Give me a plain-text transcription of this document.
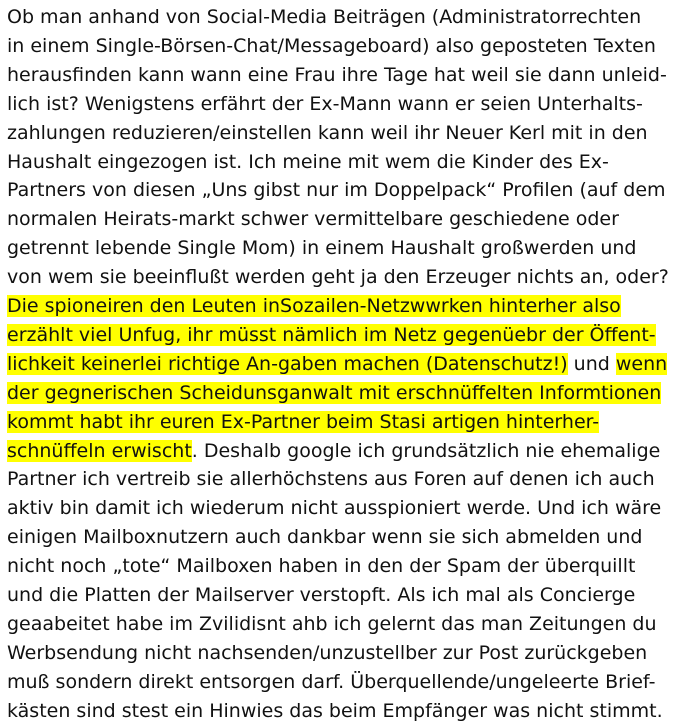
Ob man anhand von Social-Media Beiträgen (Administratorrechten
in einem Single-Börsen-Chat/Messageboard) also geposteten Texten
herausfinden kann wann eine Frau ihre Tage hat weil sie dann unleid-
lich ist? Wenigstens erfährt der Ex-Mann wann er seien Unterhalts-
zahlungen reduzieren/einstellen kann weil ihr Neuer Kerl mit in den
Haushalt eingezogen ist. Ich meine mit wem die Kinder des Ex-
Partners von diesen „Uns gibst nur im Doppelpack“ Profilen (auf dem
normalen Heirats-markt schwer vermittelbare geschiedene oder
getrennt lebende Single Mom) in einem Haushalt großwerden und
von wem sie beeinflußt werden geht ja den Erzeuger nichts an, oder?
Die spioneiren den Leuten inSozailen-Netzwwrken hinterher also
erzählt viel Unfug, ihr müsst nämlich im Netz gegenüebr der Öffent-
lichkeit keinerlei richtige An-gaben machen (Datenschutz!) und wenn
der gegnerischen Scheidunsganwalt mit erschnüffelten Informtionen
kommt habt ihr euren Ex-Partner beim Stasi artigen hinterher-
schnüffeln erwischt. Deshalb google ich grundsätzlich nie ehemalige
Partner ich vertreib sie allerhöchstens aus Foren auf denen ich auch
aktiv bin damit ich wiederum nicht ausspioniert werde. Und ich wäre
einigen Mailboxnutzern auch dankbar wenn sie sich abmelden und
nicht noch „tote“ Mailboxen haben in den der Spam der überquillt
und die Platten der Mailserver verstopft. Als ich mal als Concierge
geaabeitet habe im Zvilidisnt ahb ich gelernt das man Zeitungen du
Werbsendung nicht nachsenden/unzustellber zur Post zurückgeben
muß sondern direkt entsorgen darf. Überquellende/ungeleerte Brief-
kästen sind stest ein Hinwies das beim Empfänger was nicht stimmt.
